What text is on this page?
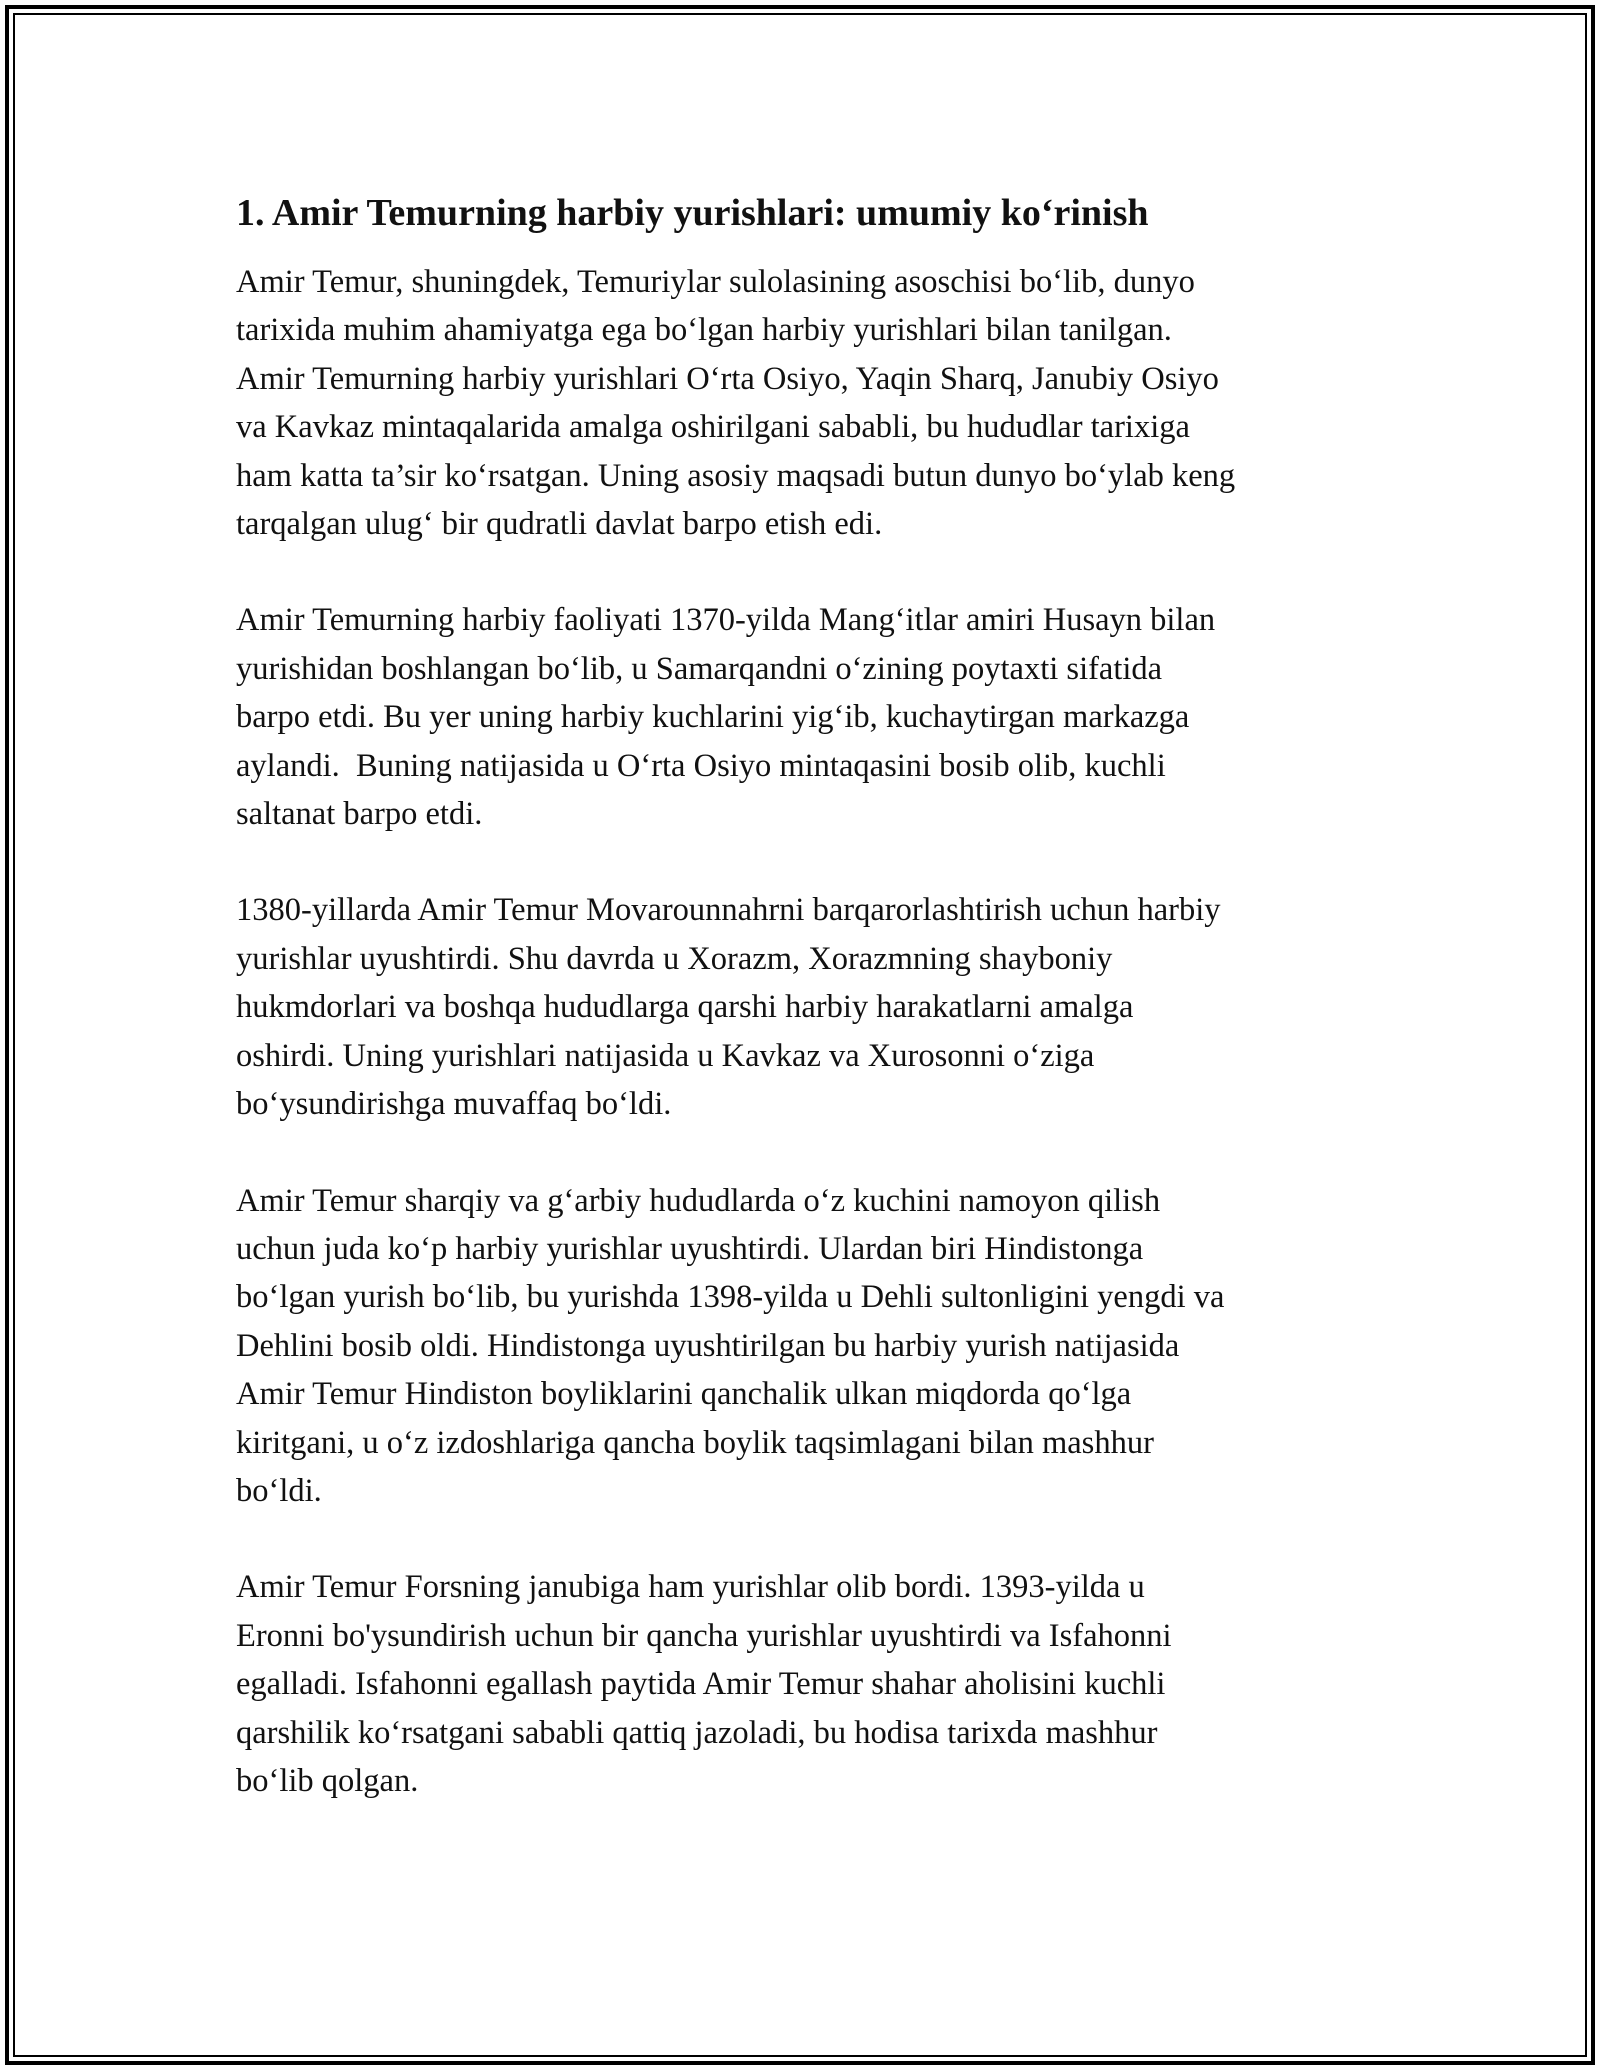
1. Amir Temurning harbiy yurishlari: umumiy ko‘rinish

Amir Temur, shuningdek, Temuriylar sulolasining asoschisi bo‘lib, dunyo
tarixida muhim ahamiyatga ega bo‘lgan harbiy yurishlari bilan tanilgan.
Amir Temurning harbiy yurishlari O‘rta Osiyo, Yaqin Sharq, Janubiy Osiyo
va Kavkaz mintaqalarida amalga oshirilgani sababli, bu hududlar tarixiga
ham katta ta’sir ko‘rsatgan. Uning asosiy maqsadi butun dunyo bo‘ylab keng
tarqalgan ulug‘ bir qudratli davlat barpo etish edi.

Amir Temurning harbiy faoliyati 1370-yilda Mang‘itlar amiri Husayn bilan
yurishidan boshlangan bo‘lib, u Samarqandni o‘zining poytaxti sifatida
barpo etdi. Bu yer uning harbiy kuchlarini yig‘ib, kuchaytirgan markazga
aylandi.  Buning natijasida u O‘rta Osiyo mintaqasini bosib olib, kuchli
saltanat barpo etdi.

1380-yillarda Amir Temur Movarounnahrni barqarorlashtirish uchun harbiy
yurishlar uyushtirdi. Shu davrda u Xorazm, Xorazmning shayboniy
hukmdorlari va boshqa hududlarga qarshi harbiy harakatlarni amalga
oshirdi. Uning yurishlari natijasida u Kavkaz va Xurosonni o‘ziga
bo‘ysundirishga muvaffaq bo‘ldi.

Amir Temur sharqiy va g‘arbiy hududlarda o‘z kuchini namoyon qilish
uchun juda ko‘p harbiy yurishlar uyushtirdi. Ulardan biri Hindistonga
bo‘lgan yurish bo‘lib, bu yurishda 1398-yilda u Dehli sultonligini yengdi va
Dehlini bosib oldi. Hindistonga uyushtirilgan bu harbiy yurish natijasida
Amir Temur Hindiston boyliklarini qanchalik ulkan miqdorda qo‘lga
kiritgani, u o‘z izdoshlariga qancha boylik taqsimlagani bilan mashhur
bo‘ldi.

Amir Temur Forsning janubiga ham yurishlar olib bordi. 1393-yilda u
Eronni bo'ysundirish uchun bir qancha yurishlar uyushtirdi va Isfahonni
egalladi. Isfahonni egallash paytida Amir Temur shahar aholisini kuchli
qarshilik ko‘rsatgani sababli qattiq jazoladi, bu hodisa tarixda mashhur
bo‘lib qolgan.
